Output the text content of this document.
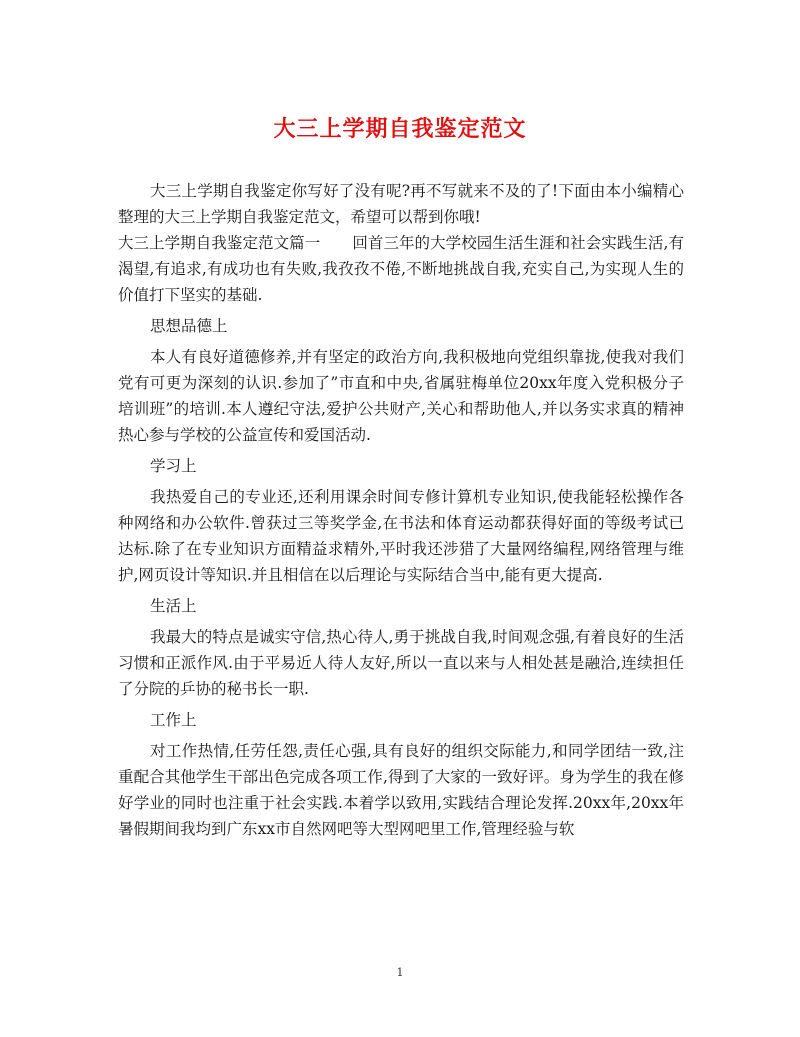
大三上学期自我鉴定范文

大三上学期自我鉴定你写好了没有呢?再不写就来不及的了!下面由本小编精心整理的大三上学期自我鉴定范文，希望可以帮到你哦!

大三上学期自我鉴定范文篇一 回首三年的大学校园生活生涯和社会实践生活,有渴望,有追求,有成功也有失败,我孜孜不倦,不断地挑战自我,充实自己,为实现人生的价值打下坚实的基础.

思想品德上

本人有良好道德修养,并有坚定的政治方向,我积极地向党组织靠拢,使我对我们党有可更为深刻的认识.参加了”市直和中央,省属驻梅单位20xx年度入党积极分子培训班”的培训.本人遵纪守法,爱护公共财产,关心和帮助他人,并以务实求真的精神热心参与学校的公益宣传和爱国活动.

学习上

我热爱自己的专业还,还利用课余时间专修计算机专业知识,使我能轻松操作各种网络和办公软件.曾获过三等奖学金,在书法和体育运动都获得好面的等级考试已达标.除了在专业知识方面精益求精外,平时我还涉猎了大量网络编程,网络管理与维护,网页设计等知识.并且相信在以后理论与实际结合当中,能有更大提高.

生活上

我最大的特点是诚实守信,热心待人,勇于挑战自我,时间观念强,有着良好的生活习惯和正派作风.由于平易近人待人友好,所以一直以来与人相处甚是融洽,连续担任了分院的乒协的秘书长一职.

工作上

对工作热情,任劳任怨,责任心强,具有良好的组织交际能力,和同学团结一致,注重配合其他学生干部出色完成各项工作,得到了大家的一致好评。身为学生的我在修好学业的同时也注重于社会实践.本着学以致用,实践结合理论发挥.20xx年,20xx年暑假期间我均到广东xx市自然网吧等大型网吧里工作,管理经验与软

1
